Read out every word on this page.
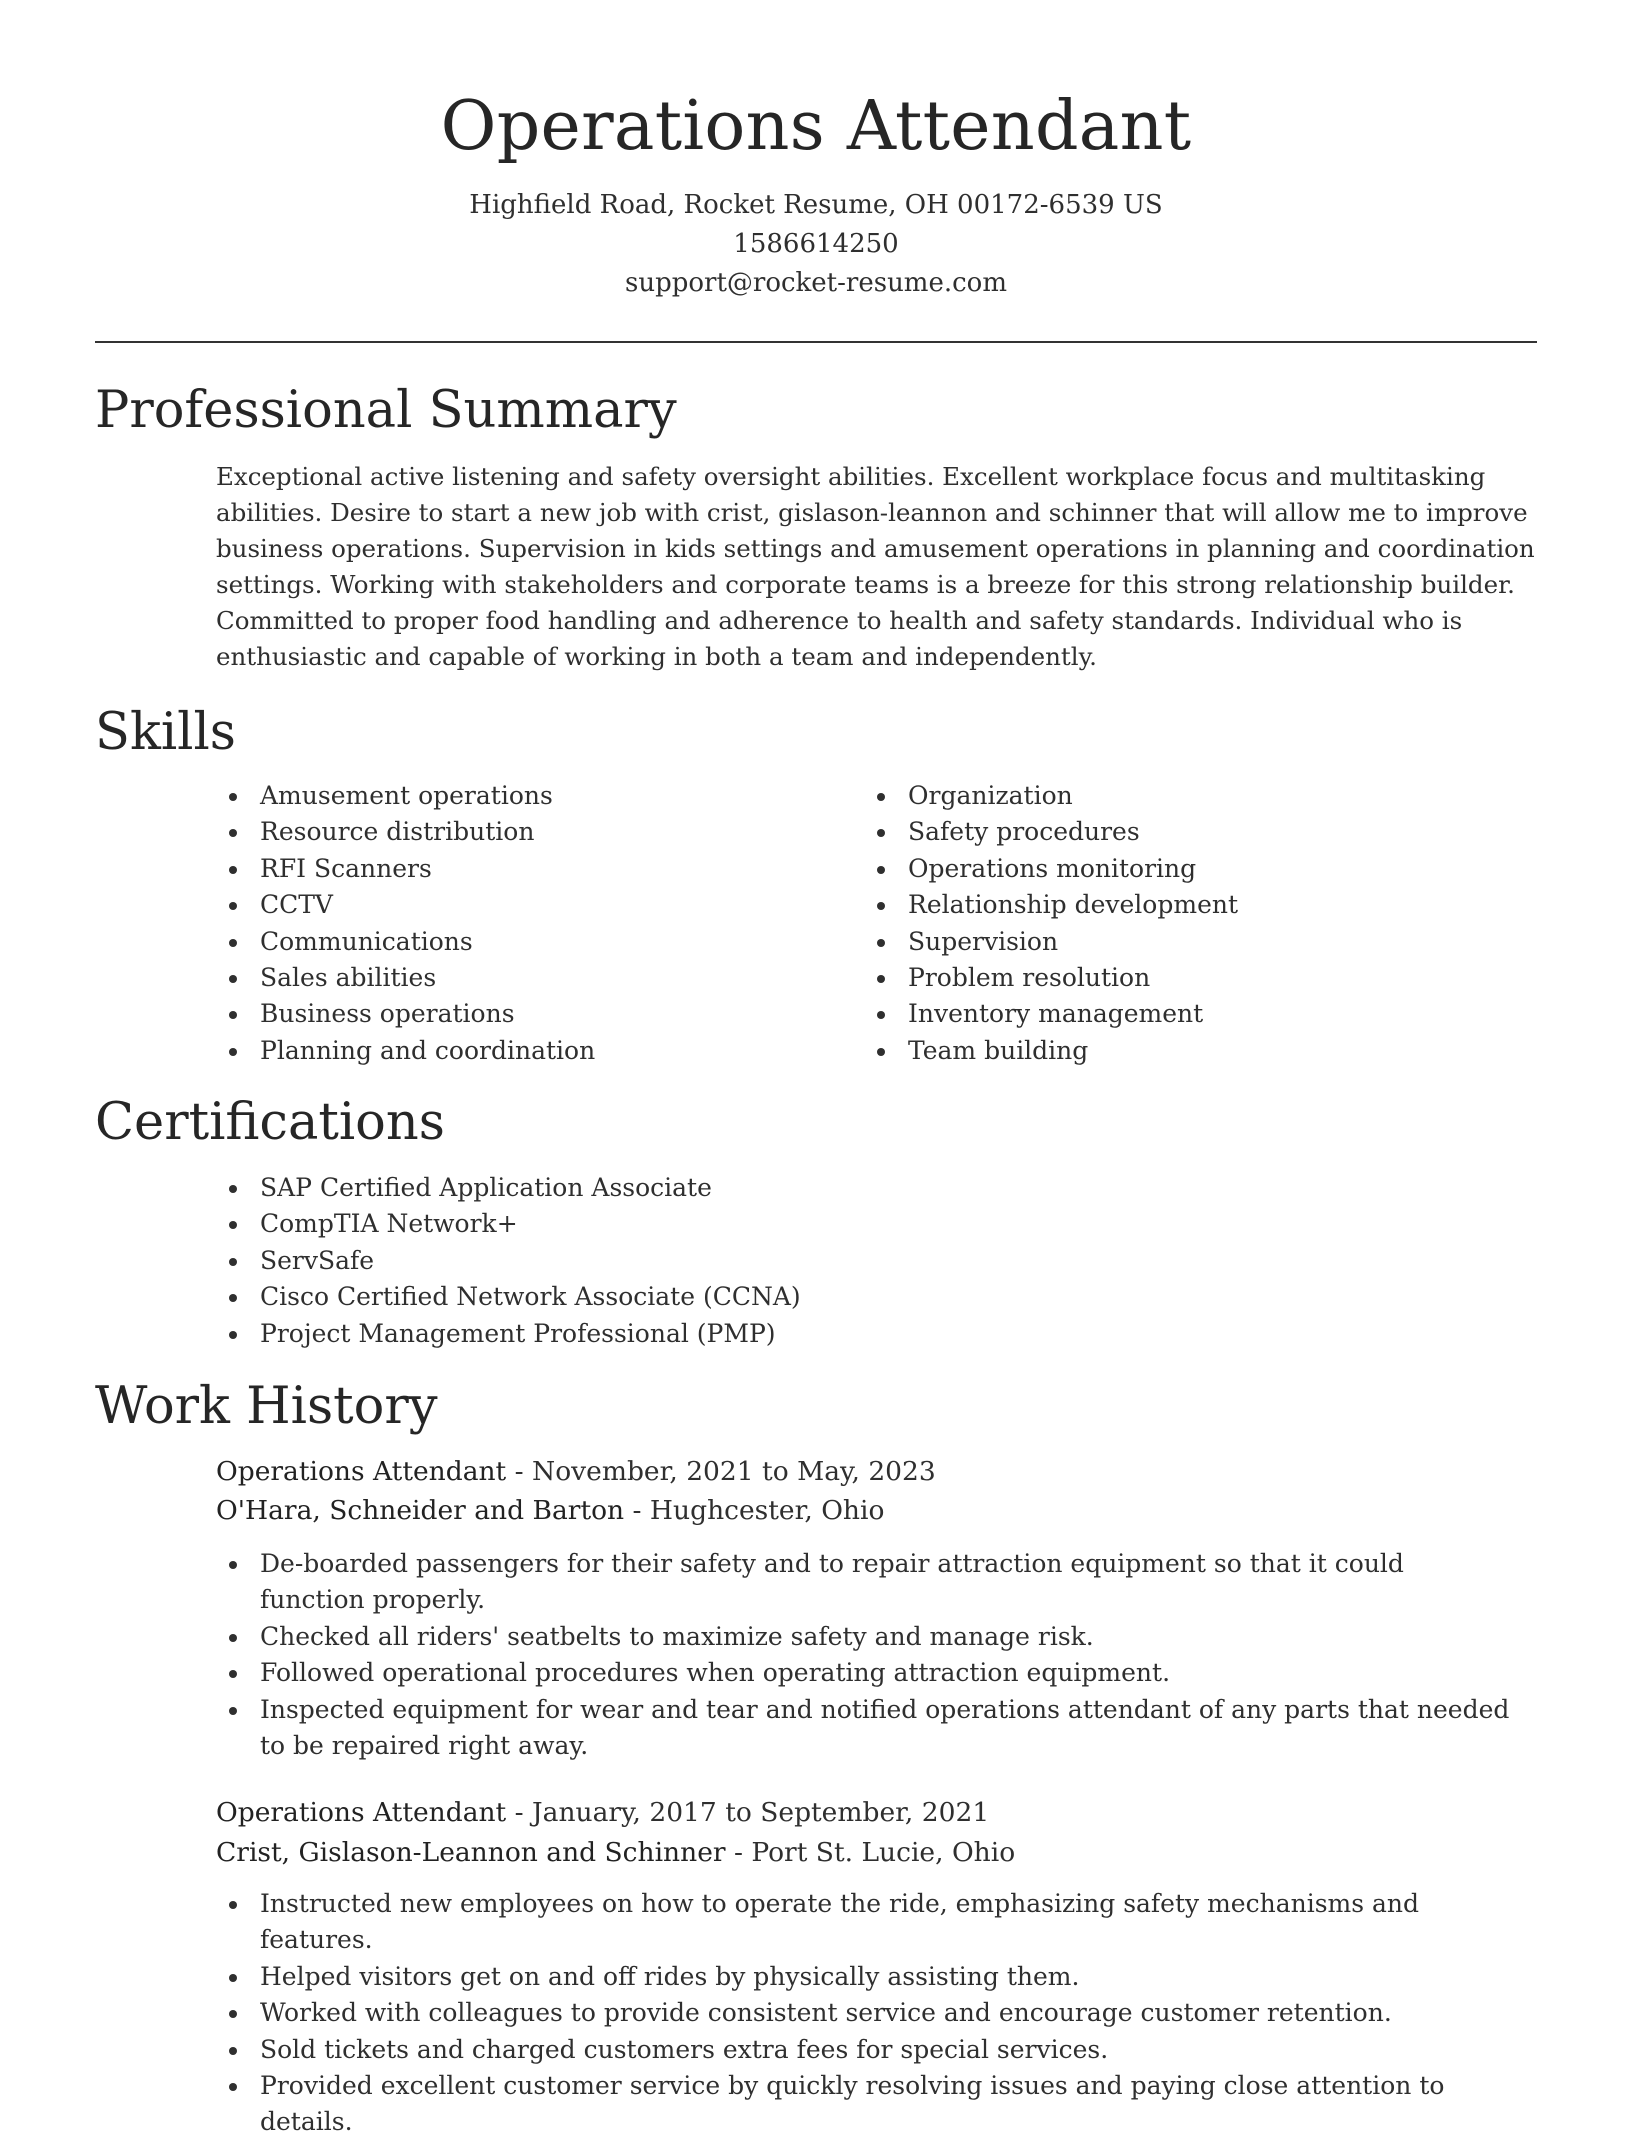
Operations Attendant
Highfield Road, Rocket Resume, OH 00172-6539 US
1586614250
support@rocket-resume.com
Professional Summary

Exceptional active listening and safety oversight abilities. Excellent workplace focus and multitasking abilities. Desire to start a new job with crist, gislason-leannon and schinner that will allow me to improve business operations. Supervision in kids settings and amusement operations in planning and coordination settings. Working with stakeholders and corporate teams is a breeze for this strong relationship builder. Committed to proper food handling and adherence to health and safety standards. Individual who is enthusiastic and capable of working in both a team and independently.

Skills
Amusement operations
Resource distribution
RFI Scanners
CCTV
Communications
Sales abilities
Business operations
Planning and coordination
Organization
Safety procedures
Operations monitoring
Relationship development
Supervision
Problem resolution
Inventory management
Team building
Certifications
SAP Certified Application Associate
CompTIA Network+
ServSafe
Cisco Certified Network Associate (CCNA)
Project Management Professional (PMP)
Work History
Operations Attendant - November, 2021 to May, 2023
O'Hara, Schneider and Barton - Hughcester, Ohio
De-boarded passengers for their safety and to repair attraction equipment so that it could function properly.
Checked all riders' seatbelts to maximize safety and manage risk.
Followed operational procedures when operating attraction equipment.
Inspected equipment for wear and tear and notified operations attendant of any parts that needed to be repaired right away.
Operations Attendant - January, 2017 to September, 2021
Crist, Gislason-Leannon and Schinner - Port St. Lucie, Ohio
Instructed new employees on how to operate the ride, emphasizing safety mechanisms and features.
Helped visitors get on and off rides by physically assisting them.
Worked with colleagues to provide consistent service and encourage customer retention.
Sold tickets and charged customers extra fees for special services.
Provided excellent customer service by quickly resolving issues and paying close attention to details.
